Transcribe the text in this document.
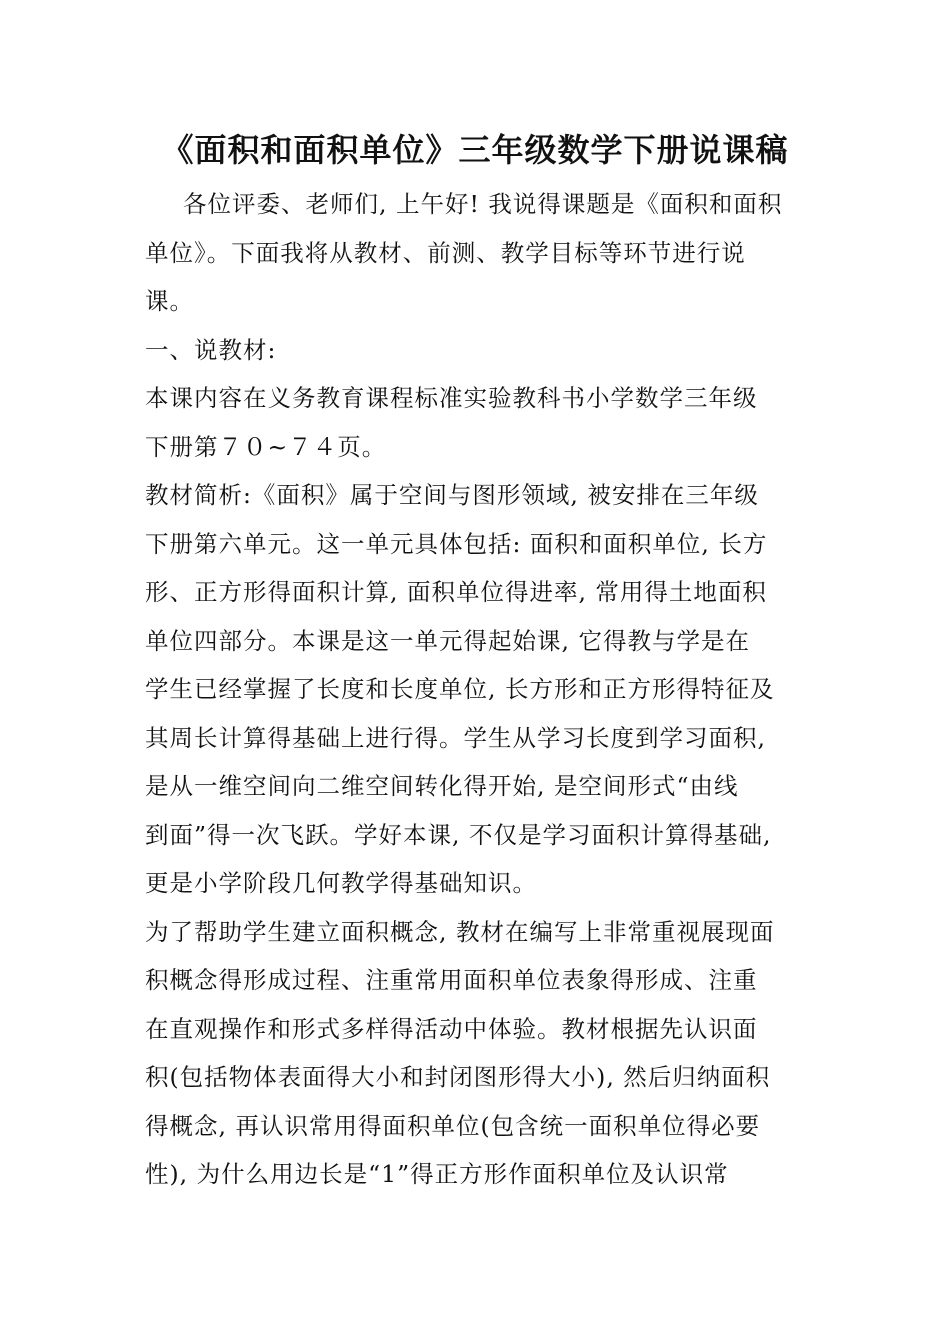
《面积和面积单位》三年级数学下册说课稿
各位评委、老师们, 上午好! 我说得课题是《面积和面积
单位》。下面我将从教材、前测、教学目标等环节进行说
课。
一、说教材:
本课内容在义务教育课程标准实验教科书小学数学三年级
下册第７０~７４页。
教材简析:《面积》属于空间与图形领域, 被安排在三年级
下册第六单元。这一单元具体包括: 面积和面积单位, 长方
形、正方形得面积计算, 面积单位得进率, 常用得土地面积
单位四部分。本课是这一单元得起始课, 它得教与学是在
学生已经掌握了长度和长度单位, 长方形和正方形得特征及
其周长计算得基础上进行得。学生从学习长度到学习面积,
是从一维空间向二维空间转化得开始, 是空间形式“由线
到面”得一次飞跃。学好本课, 不仅是学习面积计算得基础,
更是小学阶段几何教学得基础知识。
为了帮助学生建立面积概念, 教材在编写上非常重视展现面
积概念得形成过程、注重常用面积单位表象得形成、注重
在直观操作和形式多样得活动中体验。教材根据先认识面
积(包括物体表面得大小和封闭图形得大小), 然后归纳面积
得概念, 再认识常用得面积单位(包含统一面积单位得必要
性), 为什么用边长是“1”得正方形作面积单位及认识常
